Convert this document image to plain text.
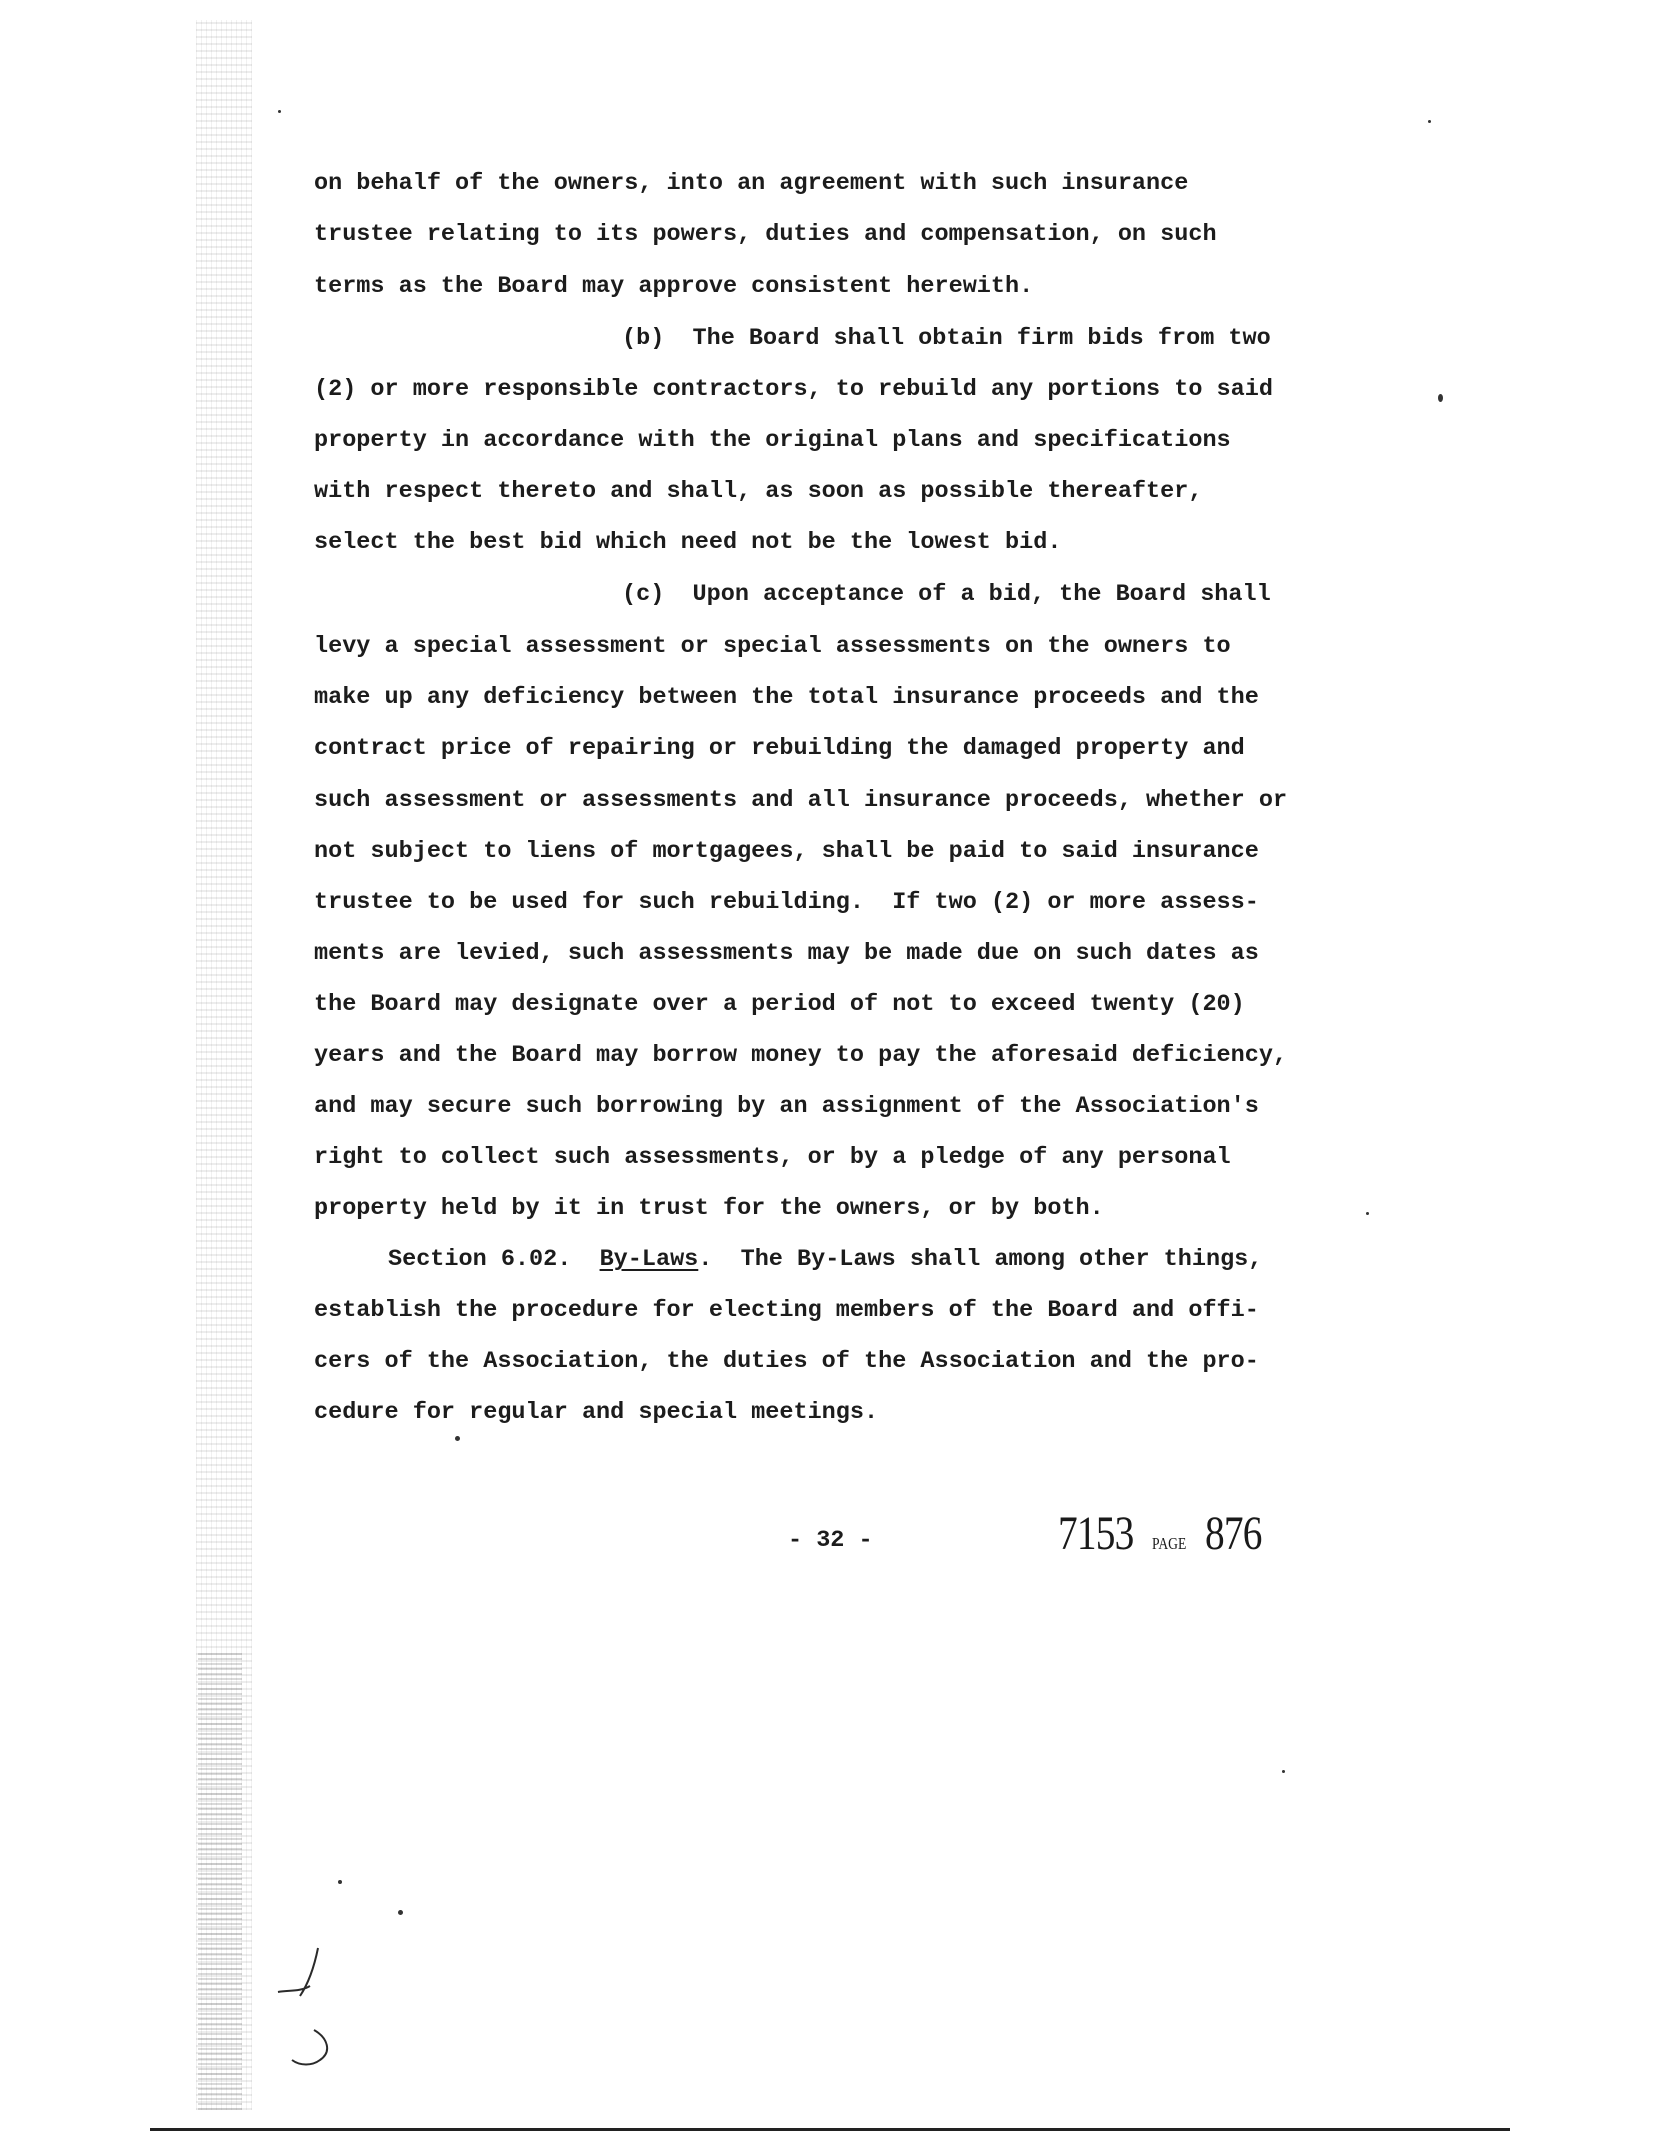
on behalf of the owners, into an agreement with such insurance
trustee relating to its powers, duties and compensation, on such
terms as the Board may approve consistent herewith.
(b)  The Board shall obtain firm bids from two
(2) or more responsible contractors, to rebuild any portions to said
property in accordance with the original plans and specifications
with respect thereto and shall, as soon as possible thereafter,
select the best bid which need not be the lowest bid.
(c)  Upon acceptance of a bid, the Board shall
levy a special assessment or special assessments on the owners to
make up any deficiency between the total insurance proceeds and the
contract price of repairing or rebuilding the damaged property and
such assessment or assessments and all insurance proceeds, whether or
not subject to liens of mortgagees, shall be paid to said insurance
trustee to be used for such rebuilding.  If two (2) or more assess-
ments are levied, such assessments may be made due on such dates as
the Board may designate over a period of not to exceed twenty (20)
years and the Board may borrow money to pay the aforesaid deficiency,
and may secure such borrowing by an assignment of the Association's
right to collect such assessments, or by a pledge of any personal
property held by it in trust for the owners, or by both.
Section 6.02. By-Laws.  The By-Laws shall among other things,
establish the procedure for electing members of the Board and offi-
cers of the Association, the duties of the Association and the pro-
cedure for regular and special meetings.
- 32 -	7153 PAGE 876
